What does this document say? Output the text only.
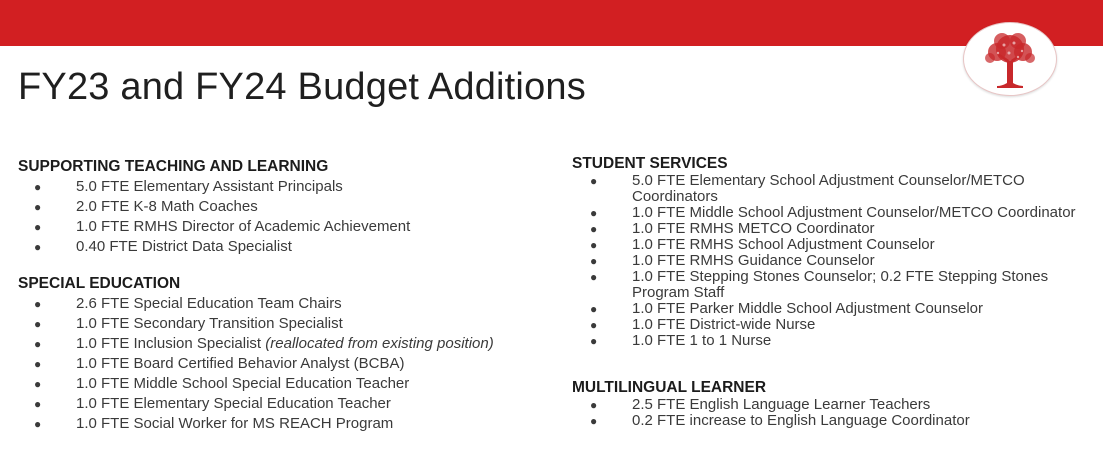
FY23 and FY24 Budget Additions
SUPPORTING TEACHING AND LEARNING
● 5.0 FTE Elementary Assistant Principals
● 2.0 FTE K-8 Math Coaches
● 1.0 FTE RMHS Director of Academic Achievement
● 0.40 FTE District Data Specialist
SPECIAL EDUCATION
● 2.6 FTE Special Education Team Chairs
● 1.0 FTE Secondary Transition Specialist
● 1.0 FTE Inclusion Specialist (reallocated from existing position)
● 1.0 FTE Board Certified Behavior Analyst (BCBA)
● 1.0 FTE Middle School Special Education Teacher
● 1.0 FTE Elementary Special Education Teacher
● 1.0 FTE Social Worker for MS REACH Program
STUDENT SERVICES
● 5.0 FTE Elementary School Adjustment Counselor/METCO Coordinators
● 1.0 FTE Middle School Adjustment Counselor/METCO Coordinator
● 1.0 FTE RMHS METCO Coordinator
● 1.0 FTE RMHS School Adjustment Counselor
● 1.0 FTE RMHS Guidance Counselor
● 1.0 FTE Stepping Stones Counselor; 0.2 FTE Stepping Stones Program Staff
● 1.0 FTE Parker Middle School Adjustment Counselor
● 1.0 FTE District-wide Nurse
● 1.0 FTE 1 to 1 Nurse
MULTILINGUAL LEARNER
● 2.5 FTE English Language Learner Teachers
● 0.2 FTE increase to English Language Coordinator
